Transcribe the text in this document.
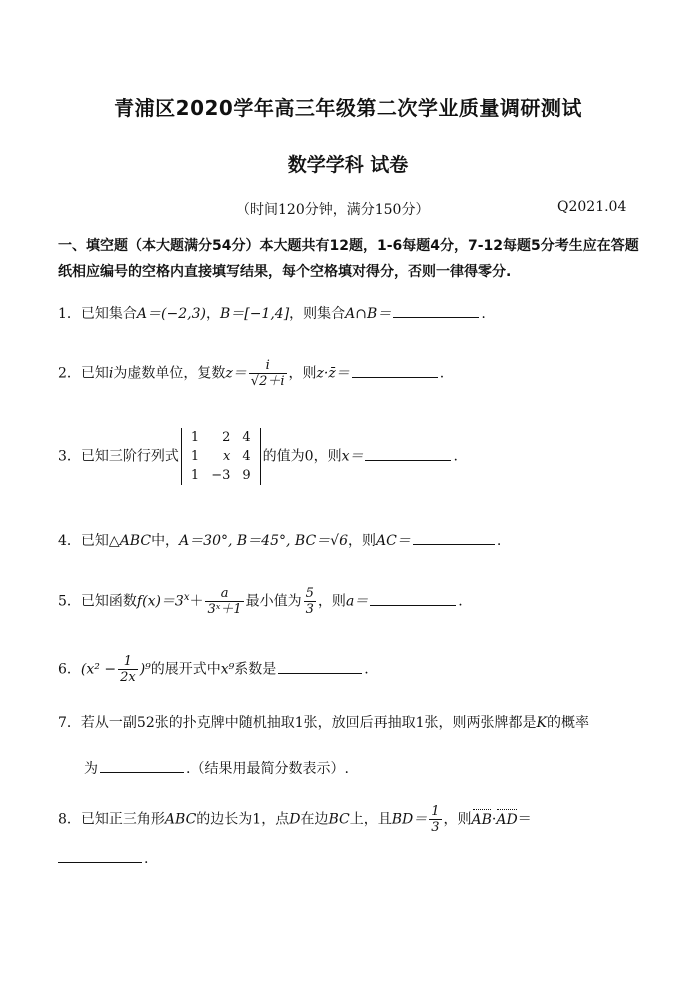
青浦区2020学年高三年级第二次学业质量调研测试
数学学科 试卷
（时间120分钟，满分150分）	Q2021.04
一、填空题（本大题满分54分）本大题共有12题，1-6每题4分，7-12每题5分考生应在答题纸相应编号的空格内直接填写结果，每个空格填对得分，否则一律得零分.
1．已知集合A＝(−2,3)，B＝[−1,4]，则集合A∩B＝	.
2．已知i为虚数单位，复数$z= \frac{i}{√2+i}$ ，则z·z̄＝	.
3．已知三阶行列式
1	2	4
1	x	4
1	−3	9
的值为0，则x＝	.
4．已知△ABC中，A＝30°, B＝45°, BC＝√6，则AC＝	.
5．已知函数$f(x)=3^x+ \frac{a}{\text{3ˣ＋1}}$ 最小值为 $\frac{5}{3}$ ，则a＝	.
6．$(x^2 - \frac{1}{2x} )^9$的展开式中x⁹系数是	.
7．若从一副52张的扑克牌中随机抽取1张，放回后再抽取1张，则两张牌都是K的概率
为	.（结果用最简分数表示）.
8．已知正三角形ABC的边长为1，点D在边BC上，且$BD= \frac{1}{3}$ ，则AB·AD＝
.
